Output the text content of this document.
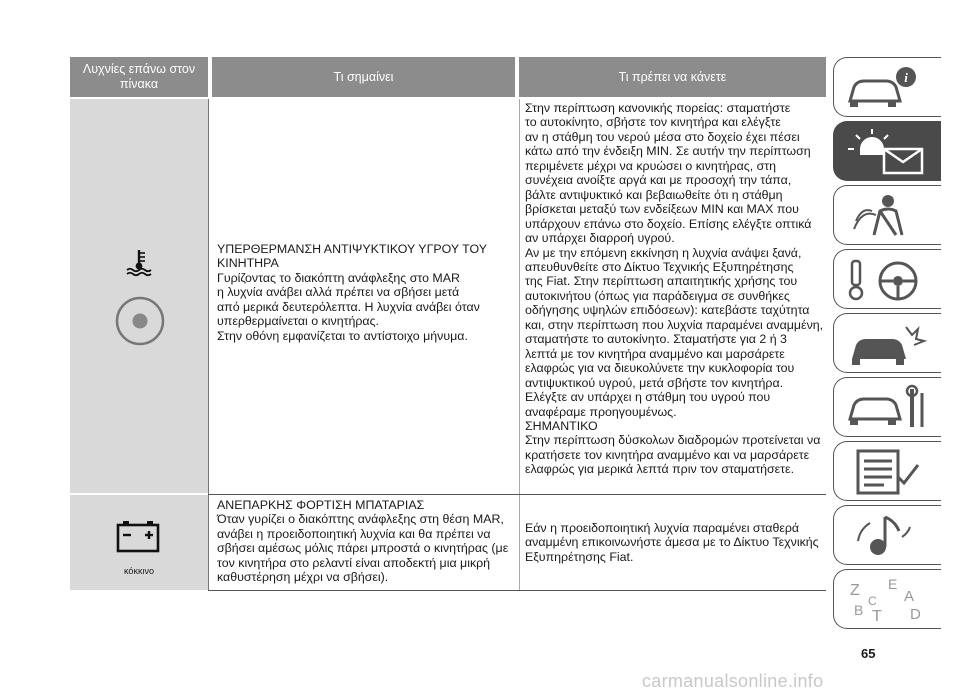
Λυχνίες επάνω στον
πίνακα
Τι σημαίνει	Τι πρέπει να κάνετε
κόκκινο
ΥΠΕΡΘΕΡΜΑΝΣΗ ΑΝΤΙΨΥΚΤΙΚΟΥ ΥΓΡΟΥ ΤΟΥ
ΚΙΝΗΤΗΡΑ
Γυρίζοντας το διακόπτη ανάφλεξης στο MAR
η λυχνία ανάβει αλλά πρέπει να σβήσει μετά
από μερικά δευτερόλεπτα. Η λυχνία ανάβει όταν
υπερθερμαίνεται ο κινητήρας.
Στην οθόνη εμφανίζεται το αντίστοιχο μήνυμα.
Στην περίπτωση κανονικής πορείας: σταματήστε
το αυτοκίνητο, σβήστε τον κινητήρα και ελέγξτε
αν η στάθμη του νερού μέσα στο δοχείο έχει πέσει
κάτω από την ένδειξη MIN. Σε αυτήν την περίπτωση
περιμένετε μέχρι να κρυώσει ο κινητήρας, στη
συνέχεια ανοίξτε αργά και με προσοχή την τάπα,
βάλτε αντιψυκτικό και βεβαιωθείτε ότι η στάθμη
βρίσκεται μεταξύ των ενδείξεων MIN και MAX που
υπάρχουν επάνω στο δοχείο. Επίσης ελέγξτε οπτικά
αν υπάρχει διαρροή υγρού.
Αν με την επόμενη εκκίνηση η λυχνία ανάψει ξανά,
απευθυνθείτε στο Δίκτυο Τεχνικής Εξυπηρέτησης
της Fiat. Στην περίπτωση απαιτητικής χρήσης του
αυτοκινήτου (όπως για παράδειγμα σε συνθήκες
οδήγησης υψηλών επιδόσεων): κατεβάστε ταχύτητα
και, στην περίπτωση που λυχνία παραμένει αναμμένη,
σταματήστε το αυτοκίνητο. Σταματήστε για 2 ή 3
λεπτά με τον κινητήρα αναμμένο και μαρσάρετε
ελαφρώς για να διευκολύνετε την κυκλοφορία του
αντιψυκτικού υγρού, μετά σβήστε τον κινητήρα.
Ελέγξτε αν υπάρχει η στάθμη του υγρού που
αναφέραμε προηγουμένως.
ΣΗΜΑΝΤΙΚΟ
Στην περίπτωση δύσκολων διαδρομών προτείνεται να
κρατήσετε τον κινητήρα αναμμένο και να μαρσάρετε
ελαφρώς για μερικά λεπτά πριν τον σταματήσετε.
ΑΝΕΠΑΡΚΗΣ ΦΟΡΤΙΣΗ ΜΠΑΤΑΡΙΑΣ
Όταν γυρίζει ο διακόπτης ανάφλεξης στη θέση MAR,
ανάβει η προειδοποιητική λυχνία και θα πρέπει να
σβήσει αμέσως μόλις πάρει μπροστά ο κινητήρας (με
τον κινητήρα στο ρελαντί είναι αποδεκτή μια μικρή
καθυστέρηση μέχρι να σβήσει).
Εάν η προειδοποιητική λυχνία παραμένει σταθερά
αναμμένη επικοινωνήστε άμεσα με το Δίκτυο Τεχνικής
Εξυπηρέτησης Fiat.
i
Z E
A
B T D
C
65
carmanualsonline.info
